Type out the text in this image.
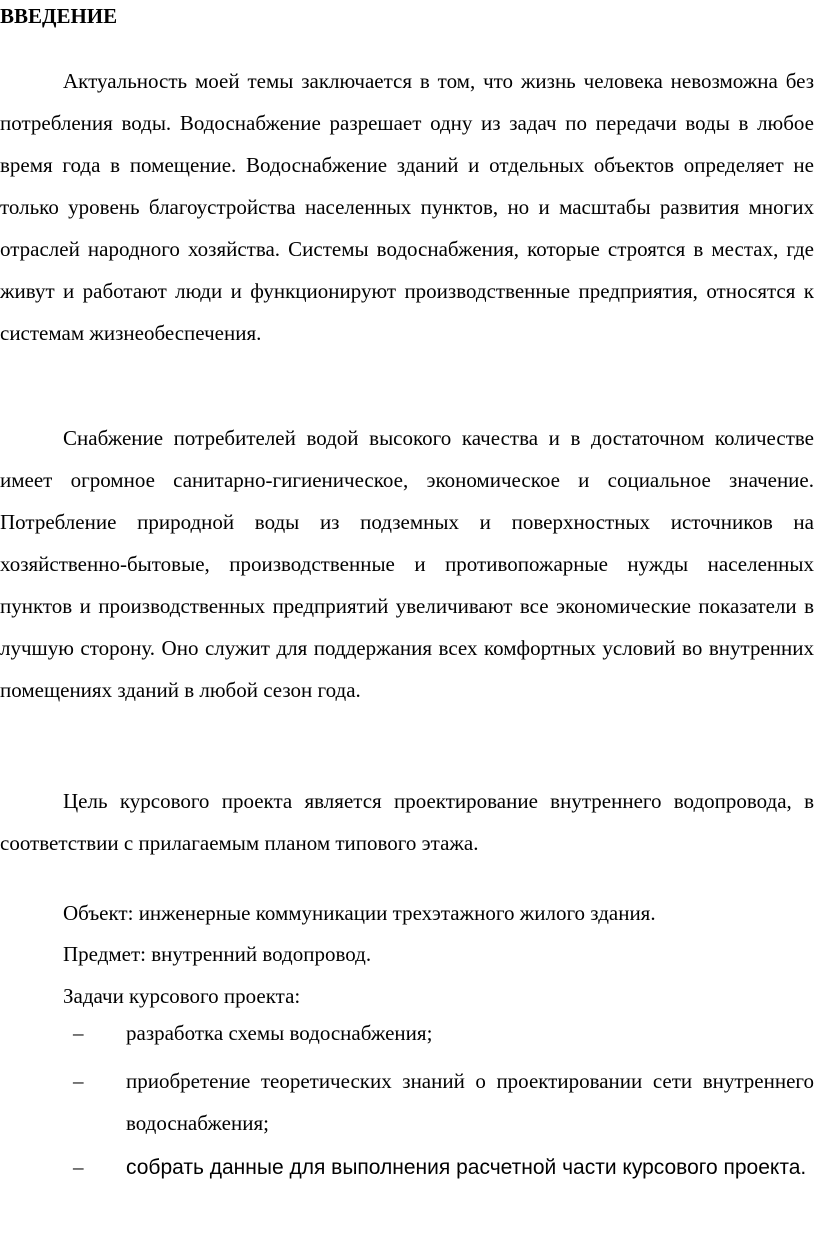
ВВЕДЕНИЕ

Актуальность моей темы заключается в том, что жизнь человека невозможна без потребления воды. Водоснабжение разрешает одну из задач по передачи воды в любое время года в помещение. Водоснабжение зданий и отдельных объектов определяет не только уровень благоустройства населенных пунктов, но и масштабы развития многих отраслей народного хозяйства. Системы водоснабжения, которые строятся в местах, где живут и работают люди и функционируют производственные предприятия, относятся к системам жизнеобеспечения.

Снабжение потребителей водой высокого качества и в достаточном количестве имеет огромное санитарно-гигиеническое, экономическое и социальное значение. Потребление природной воды из подземных и поверхностных источников на хозяйственно-бытовые, производственные и противопожарные нужды населенных пунктов и производственных предприятий увеличивают все экономические показатели в лучшую сторону. Оно служит для поддержания всех комфортных условий во внутренних помещениях зданий в любой сезон года.

Цель курсового проекта является проектирование внутреннего водопровода, в соответствии с прилагаемым планом типового этажа.

Объект: инженерные коммуникации трехэтажного жилого здания.

Предмет: внутренний водопровод.

Задачи курсового проекта:

– разработка схемы водоснабжения;
– приобретение теоретических знаний о проектировании сети внутреннего водоснабжения;
– собрать данные для выполнения расчетной части курсового проекта.
